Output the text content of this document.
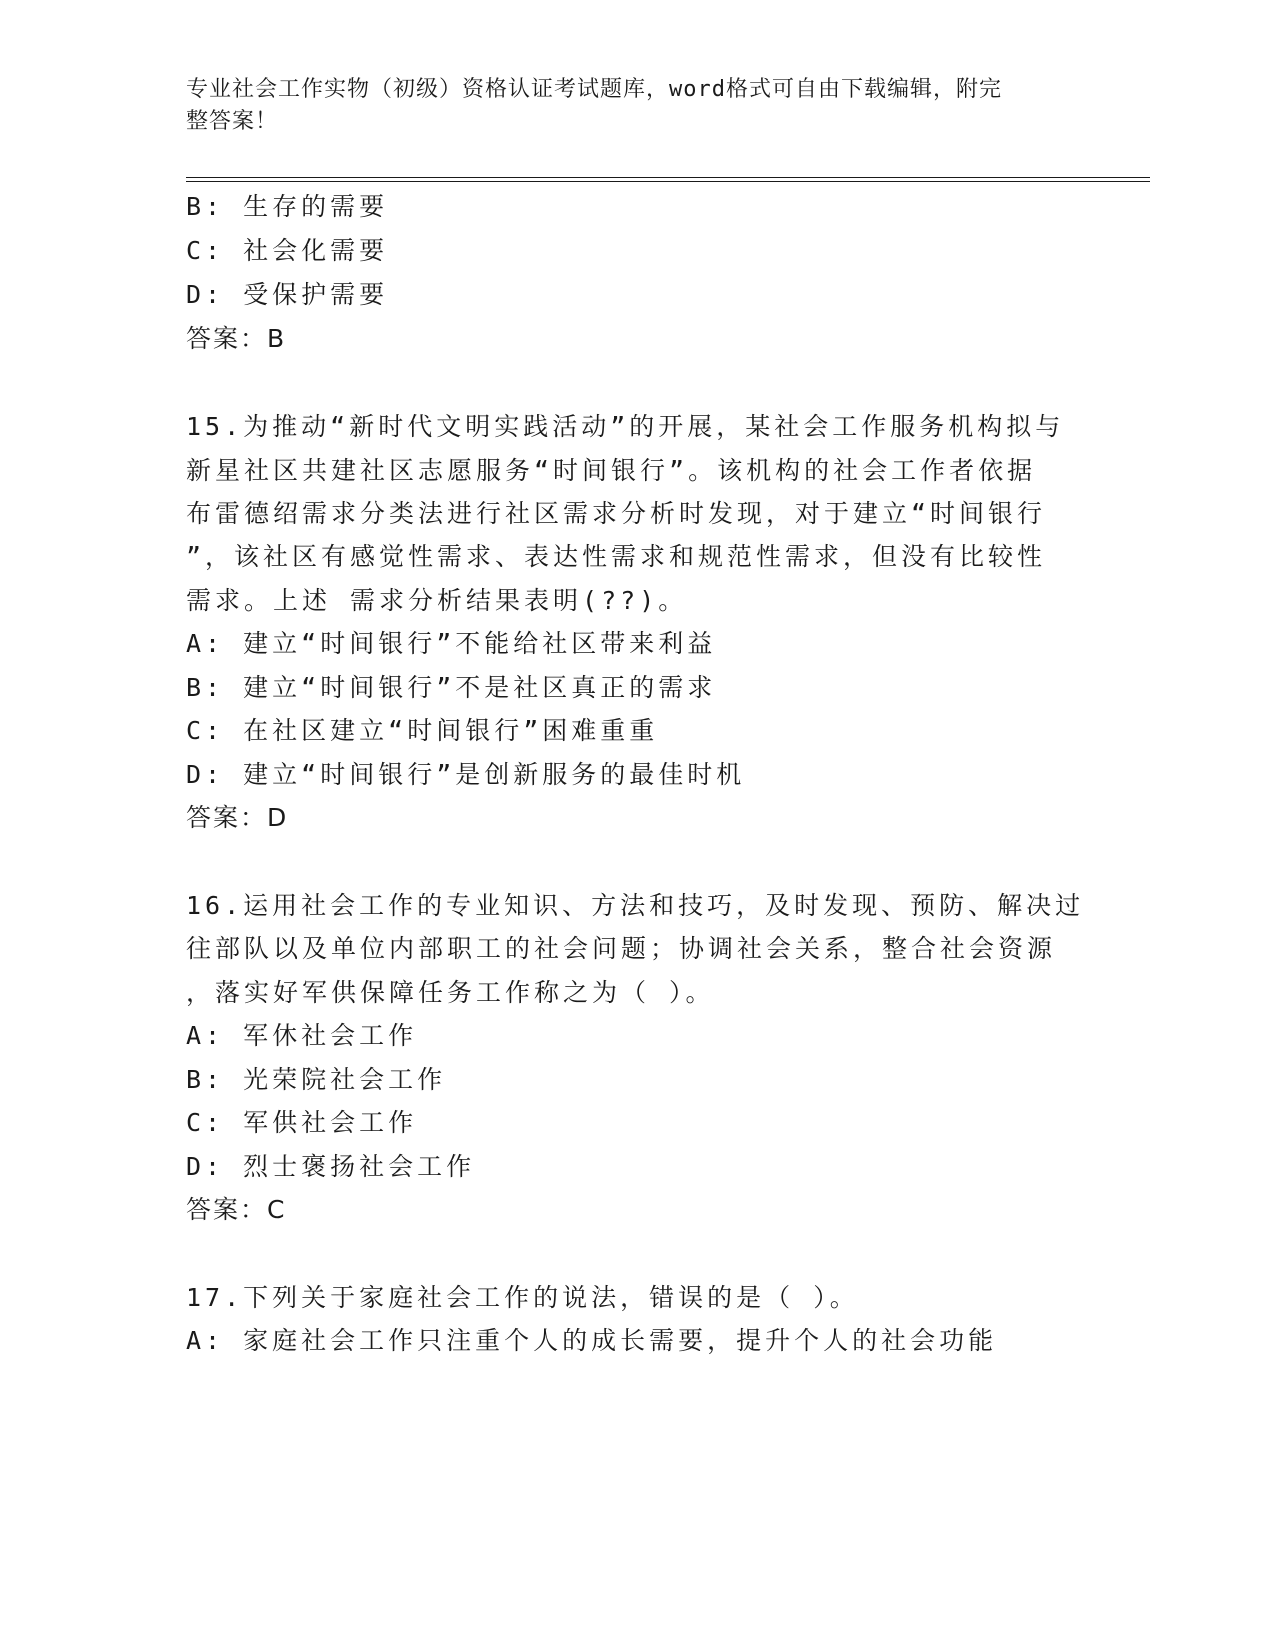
专业社会工作实物（初级）资格认证考试题库，word格式可自由下载编辑，附完
整答案！
B: 生存的需要
C: 社会化需要
D: 受保护需要
答案：B
15.为推动“新时代文明实践活动”的开展，某社会工作服务机构拟与
新星社区共建社区志愿服务“时间银行”。该机构的社会工作者依据
布雷德绍需求分类法进行社区需求分析时发现，对于建立“时间银行
”，该社区有感觉性需求、表达性需求和规范性需求，但没有比较性
需求。上述 需求分析结果表明(??)。
A: 建立“时间银行”不能给社区带来利益
B: 建立“时间银行”不是社区真正的需求
C: 在社区建立“时间银行”困难重重
D: 建立“时间银行”是创新服务的最佳时机
答案：D
16.运用社会工作的专业知识、方法和技巧，及时发现、预防、解决过
往部队以及单位内部职工的社会问题；协调社会关系，整合社会资源
，落实好军供保障任务工作称之为（ ）。
A: 军休社会工作
B: 光荣院社会工作
C: 军供社会工作
D: 烈士褒扬社会工作
答案：C
17.下列关于家庭社会工作的说法，错误的是（ ）。
A: 家庭社会工作只注重个人的成长需要，提升个人的社会功能
